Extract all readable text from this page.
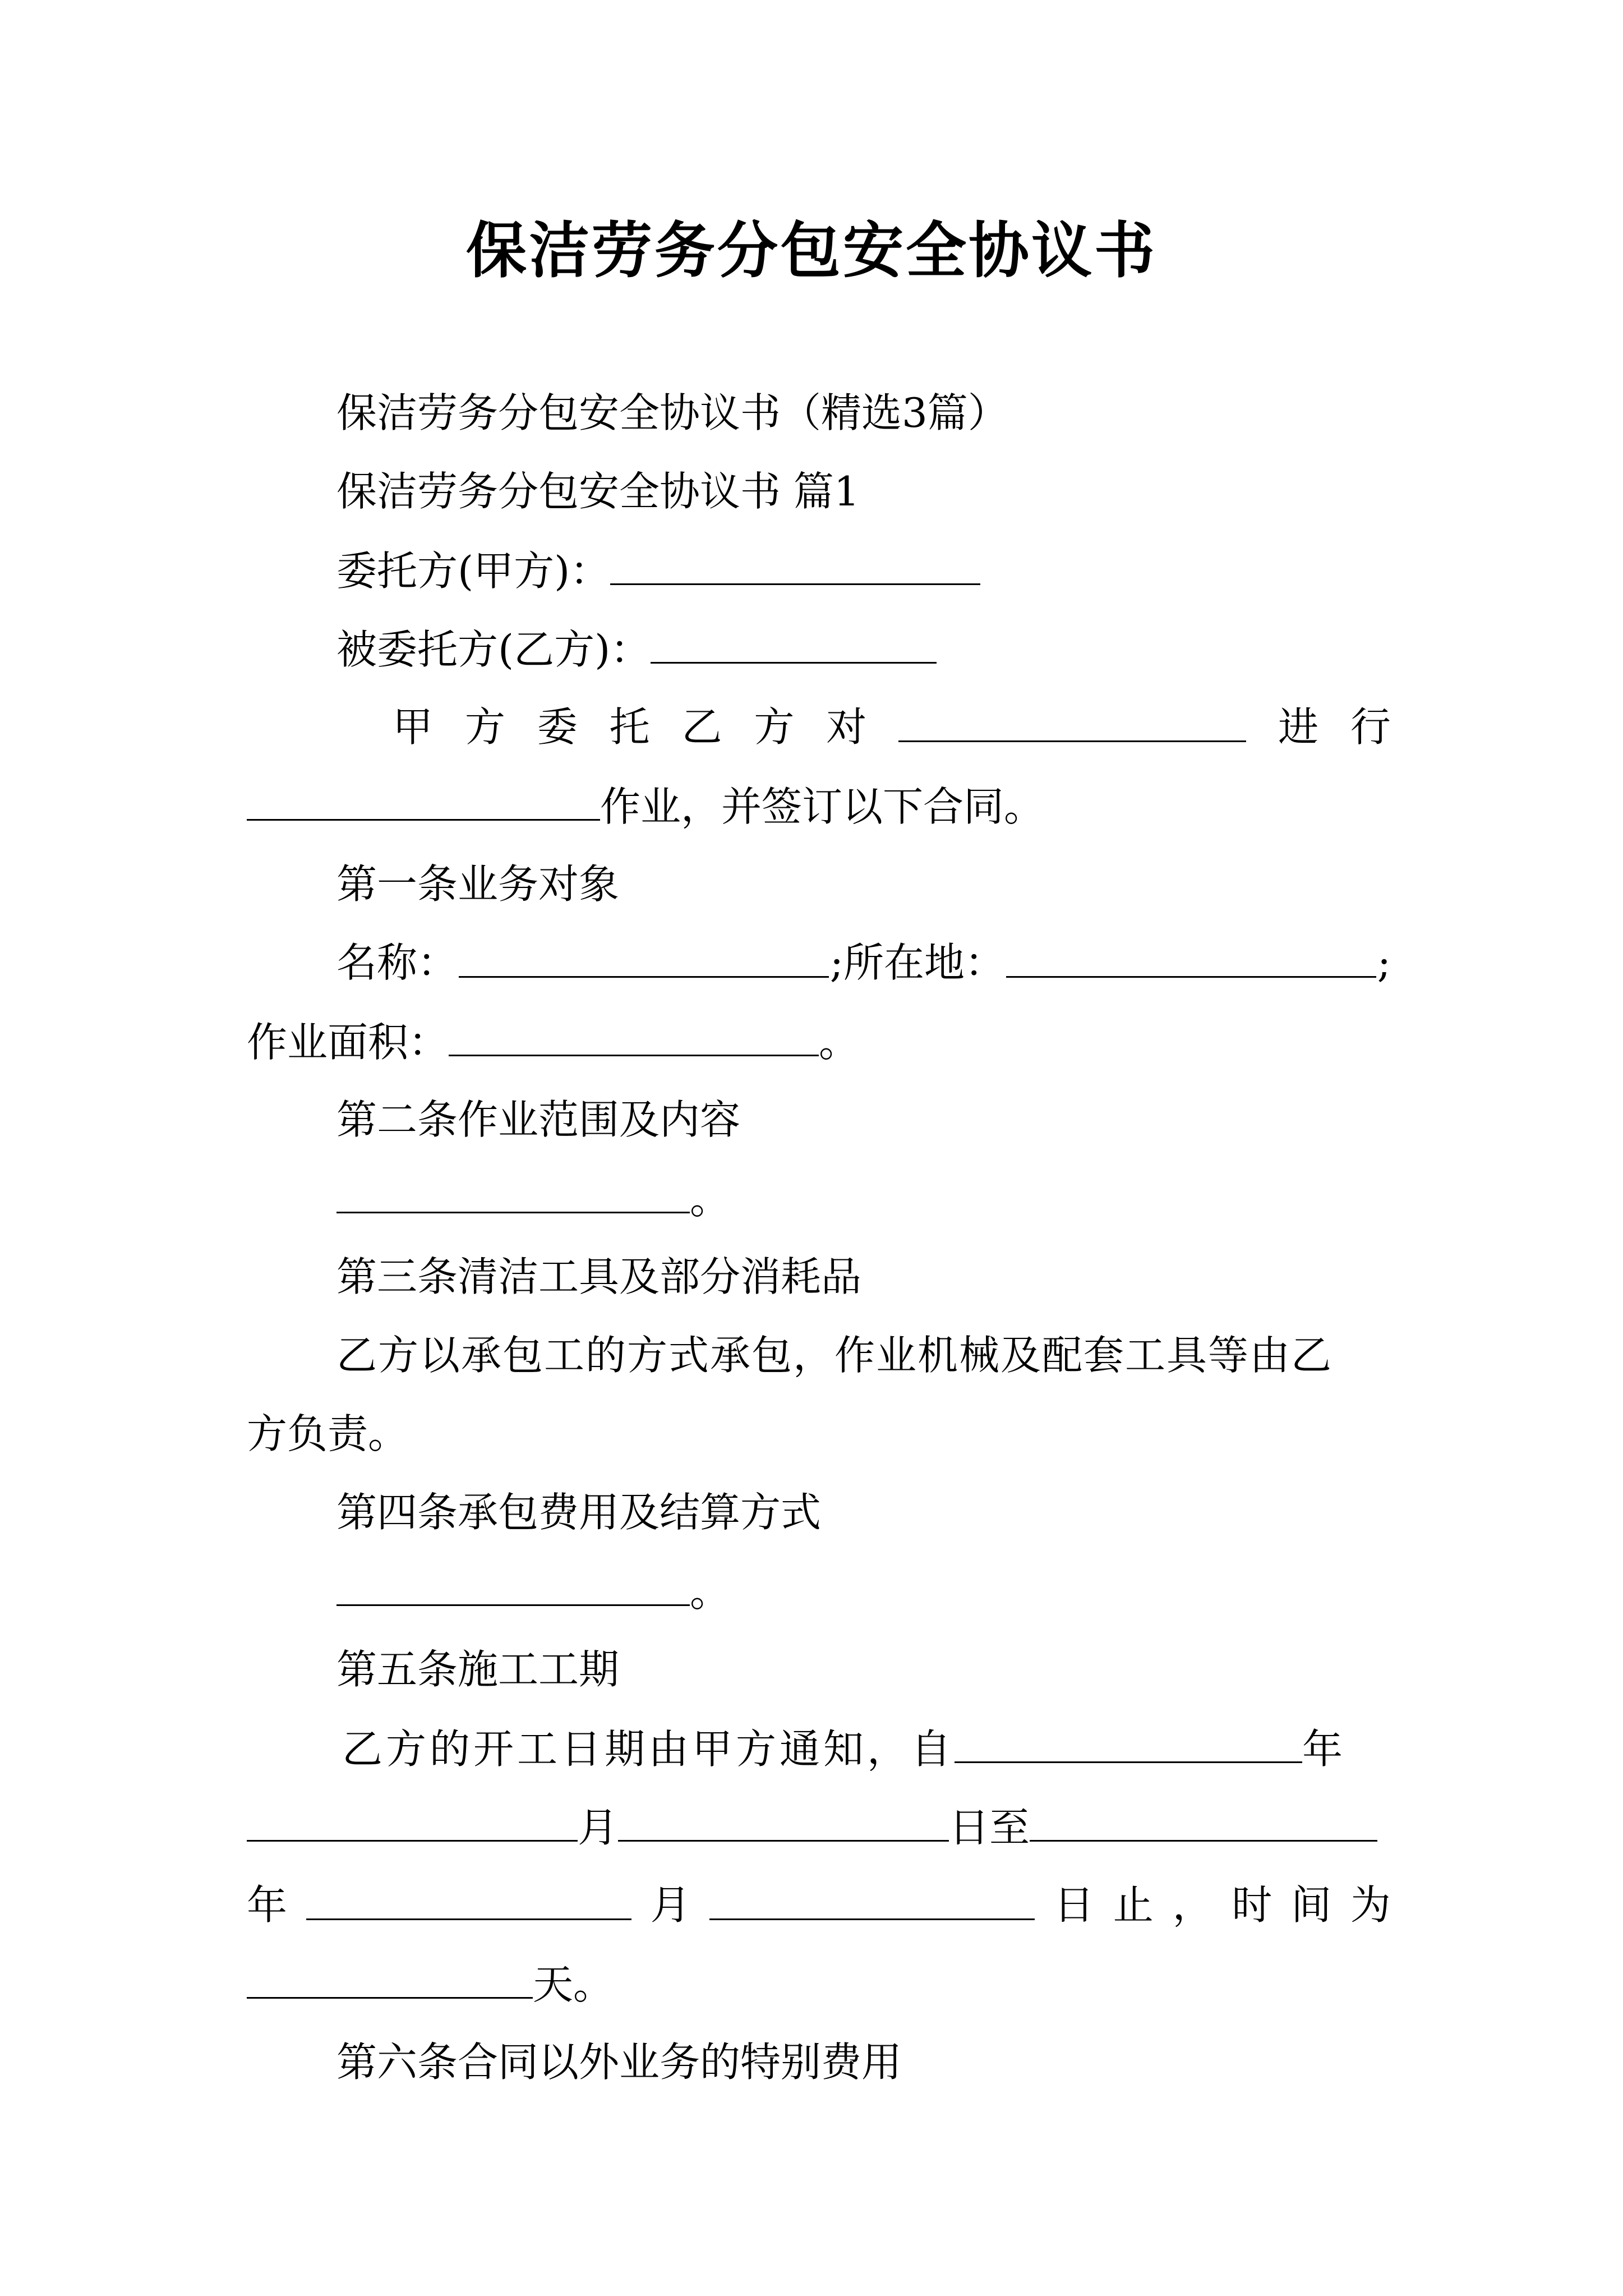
保洁劳务分包安全协议书
保洁劳务分包安全协议书（精选3篇）
保洁劳务分包安全协议书 篇1
委托方(甲方)：
被委托方(乙方)：
甲 方 委 托 乙 方 对	进 行
作业，并签订以下合同。
第一条业务对象
名称：	;所在地：	;
作业面积：	。
第二条作业范围及内容
。
第三条清洁工具及部分消耗品
乙方以承包工的方式承包，作业机械及配套工具等由乙
方负责。
第四条承包费用及结算方式
。
第五条施工工期
乙方的开工日期由甲方通知，自	年
月	日至
年	月	日 止 ， 时 间 为
天。
第六条合同以外业务的特别费用
